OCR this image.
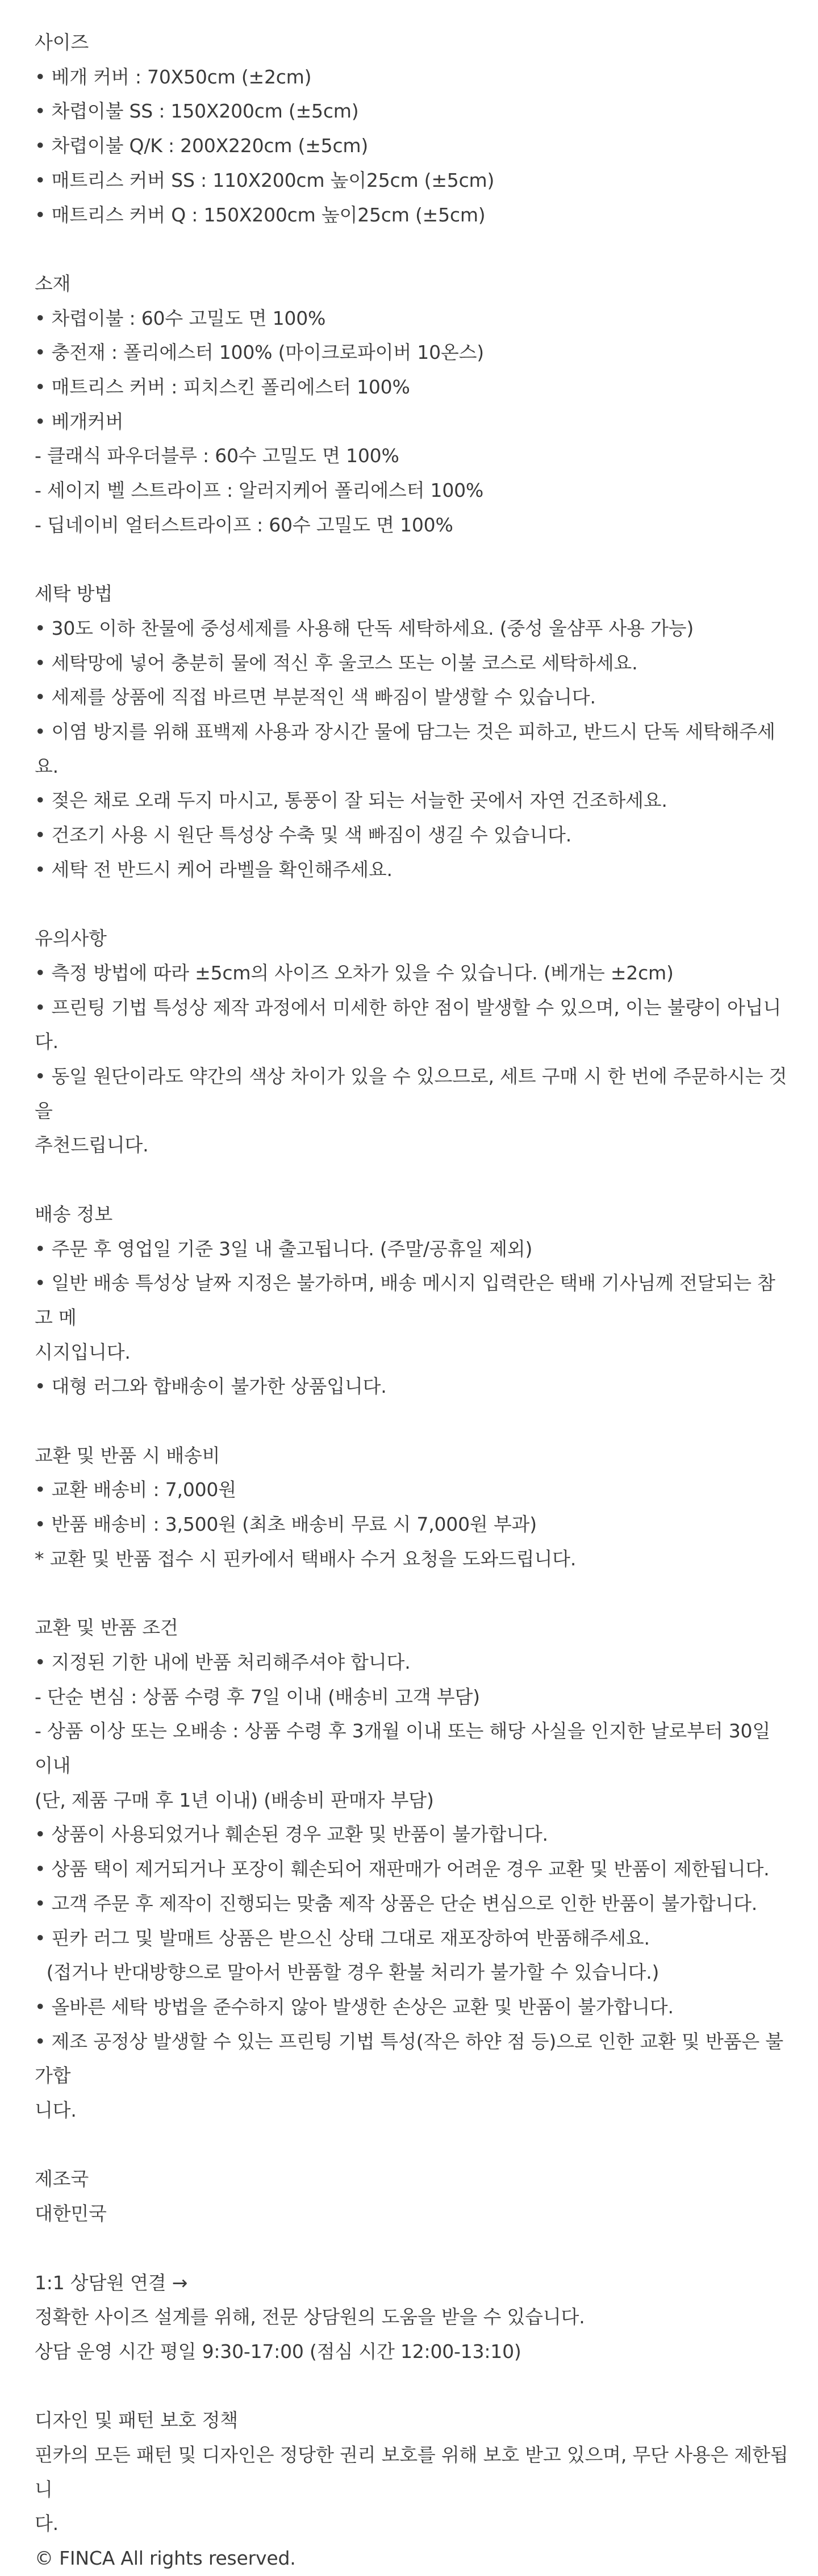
사이즈
• 베개 커버 : 70X50cm (±2cm)
• 차렵이불 SS : 150X200cm (±5cm)
• 차렵이불 Q/K : 200X220cm (±5cm)
• 매트리스 커버 SS : 110X200cm 높이25cm (±5cm)
• 매트리스 커버 Q : 150X200cm 높이25cm (±5cm)
소재
• 차렵이불 : 60수 고밀도 면 100%
• 충전재 : 폴리에스터 100% (마이크로파이버 10온스)
• 매트리스 커버 : 피치스킨 폴리에스터 100%
• 베개커버
- 클래식 파우더블루 : 60수 고밀도 면 100%
- 세이지 벨 스트라이프 : 알러지케어 폴리에스터 100%
- 딥네이비 얼터스트라이프 : 60수 고밀도 면 100%
세탁 방법
• 30도 이하 찬물에 중성세제를 사용해 단독 세탁하세요. (중성 울샴푸 사용 가능)
• 세탁망에 넣어 충분히 물에 적신 후 울코스 또는 이불 코스로 세탁하세요.
• 세제를 상품에 직접 바르면 부분적인 색 빠짐이 발생할 수 있습니다.
• 이염 방지를 위해 표백제 사용과 장시간 물에 담그는 것은 피하고, 반드시 단독 세탁해주세요.
• 젖은 채로 오래 두지 마시고, 통풍이 잘 되는 서늘한 곳에서 자연 건조하세요.
• 건조기 사용 시 원단 특성상 수축 및 색 빠짐이 생길 수 있습니다.
• 세탁 전 반드시 케어 라벨을 확인해주세요.
유의사항
• 측정 방법에 따라 ±5cm의 사이즈 오차가 있을 수 있습니다. (베개는 ±2cm)
• 프린팅 기법 특성상 제작 과정에서 미세한 하얀 점이 발생할 수 있으며, 이는 불량이 아닙니다.
• 동일 원단이라도 약간의 색상 차이가 있을 수 있으므로, 세트 구매 시 한 번에 주문하시는 것을
추천드립니다.
배송 정보
• 주문 후 영업일 기준 3일 내 출고됩니다. (주말/공휴일 제외)
• 일반 배송 특성상 날짜 지정은 불가하며, 배송 메시지 입력란은 택배 기사님께 전달되는 참고 메
시지입니다.
• 대형 러그와 합배송이 불가한 상품입니다.
교환 및 반품 시 배송비
• 교환 배송비 : 7,000원
• 반품 배송비 : 3,500원 (최초 배송비 무료 시 7,000원 부과)
* 교환 및 반품 접수 시 핀카에서 택배사 수거 요청을 도와드립니다.
교환 및 반품 조건
• 지정된 기한 내에 반품 처리해주셔야 합니다.
- 단순 변심 : 상품 수령 후 7일 이내 (배송비 고객 부담)
- 상품 이상 또는 오배송 : 상품 수령 후 3개월 이내 또는 해당 사실을 인지한 날로부터 30일 이내
(단, 제품 구매 후 1년 이내) (배송비 판매자 부담)
• 상품이 사용되었거나 훼손된 경우 교환 및 반품이 불가합니다.
• 상품 택이 제거되거나 포장이 훼손되어 재판매가 어려운 경우 교환 및 반품이 제한됩니다.
• 고객 주문 후 제작이 진행되는 맞춤 제작 상품은 단순 변심으로 인한 반품이 불가합니다.
• 핀카 러그 및 발매트 상품은 받으신 상태 그대로 재포장하여 반품해주세요.
(접거나 반대방향으로 말아서 반품할 경우 환불 처리가 불가할 수 있습니다.)
• 올바른 세탁 방법을 준수하지 않아 발생한 손상은 교환 및 반품이 불가합니다.
• 제조 공정상 발생할 수 있는 프린팅 기법 특성(작은 하얀 점 등)으로 인한 교환 및 반품은 불가합
니다.
제조국
대한민국
1:1 상담원 연결 →
정확한 사이즈 설계를 위해, 전문 상담원의 도움을 받을 수 있습니다.
상담 운영 시간 평일 9:30-17:00 (점심 시간 12:00-13:10)
디자인 및 패턴 보호 정책
핀카의 모든 패턴 및 디자인은 정당한 권리 보호를 위해 보호 받고 있으며, 무단 사용은 제한됩니
다.
© FINCA All rights reserved.
